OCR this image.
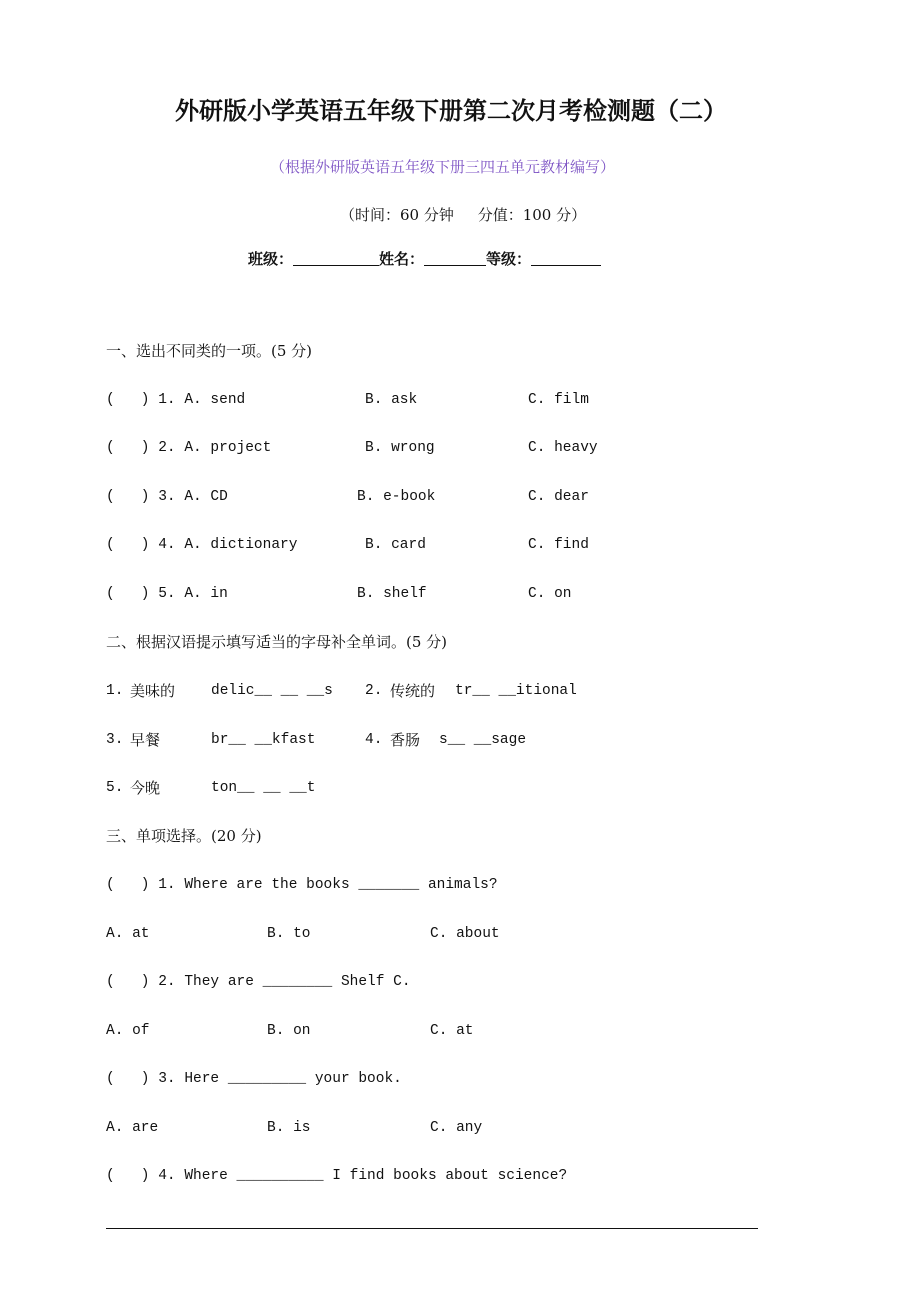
外研版小学英语五年级下册第二次月考检测题（二）
（根据外研版英语五年级下册三四五单元教材编写）
（时间：60 分钟     分值：100 分）
班级：	姓名：	等级：
一、选出不同类的一项。(5 分)
(   ) 1. A. send	B. ask	C. film
(   ) 2. A. project	B. wrong	C. heavy
(   ) 3. A. CD	B. e-book	C. dear
(   ) 4. A. dictionary	B. card	C. find
(   ) 5. A. in	B. shelf	C. on
二、根据汉语提示填写适当的字母补全单词。(5 分)
1. 美味的 delic__ __ __s 2. 传统的 tr__ __itional
3. 早餐	br__ __kfast	4. 香肠 s__ __sage
5. 今晚	ton__ __ __t
三、单项选择。(20 分)
(   ) 1. Where are the books _______ animals?
A. at	B. to	C. about
(   ) 2. They are ________ Shelf C.
A. of	B. on	C. at
(   ) 3. Here _________ your book.
A. are	B. is	C. any
(   ) 4. Where __________ I find books about science?
